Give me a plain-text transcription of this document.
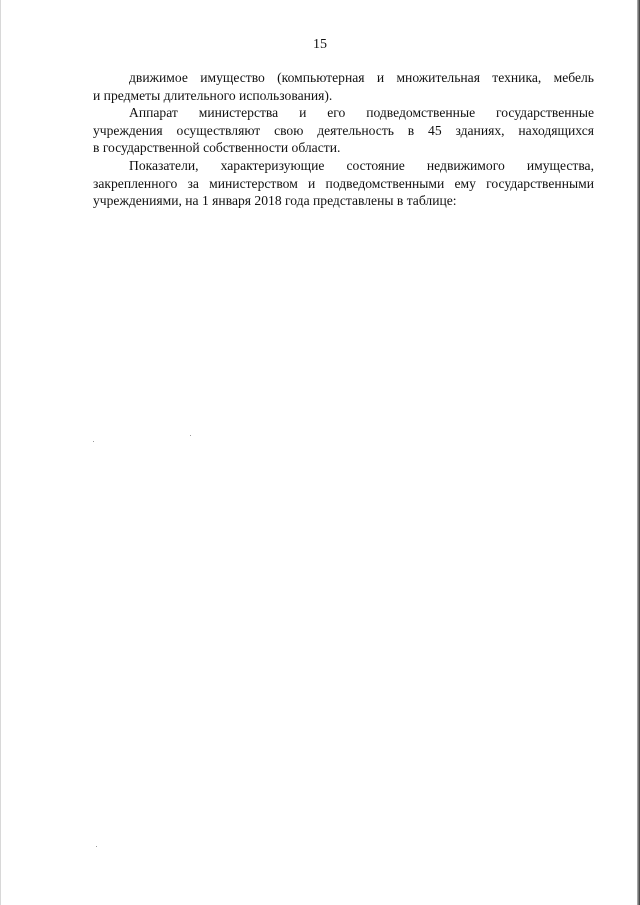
15
движимое имущество (компьютерная и множительная техника, мебель
и предметы длительного использования).
Аппарат министерства и его подведомственные государственные
учреждения осуществляют свою деятельность в 45 зданиях, находящихся
в государственной собственности области.
Показатели, характеризующие состояние недвижимого имущества,
закрепленного за министерством и подведомственными ему государственными
учреждениями, на 1 января 2018 года представлены в таблице:
